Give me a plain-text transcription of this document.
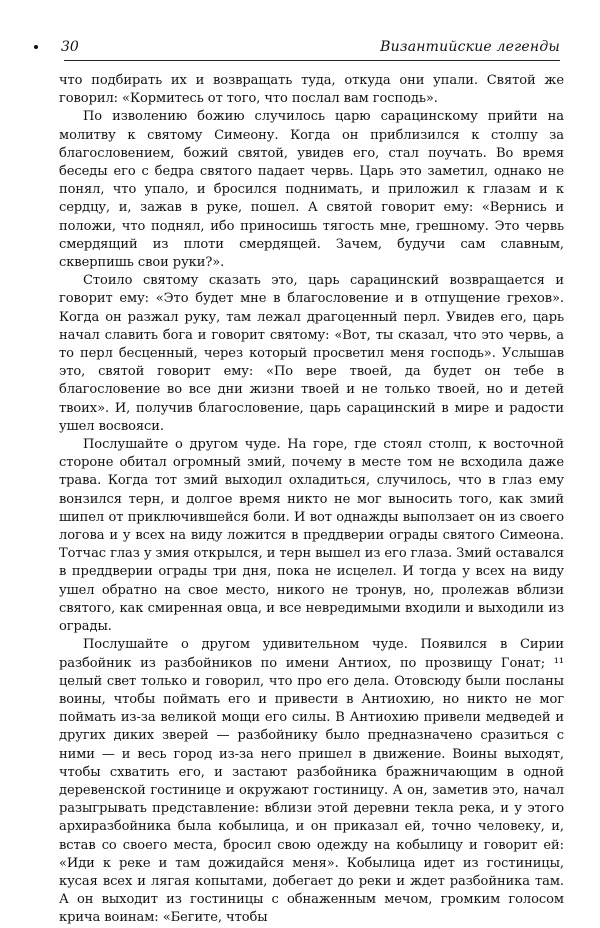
30	Византийские легенды

что подбирать их и возвращать туда, откуда они упали. Святой же говорил: «Кормитесь от того, что послал вам господь».

По изволению божию случилось царю сарацинскому прийти на молитву к святому Симеону. Когда он приблизился к столпу за благословением, божий святой, увидев его, стал поучать. Во время беседы его с бедра святого падает червь. Царь это заметил, однако не понял, что упало, и бросился поднимать, и приложил к глазам и к сердцу, и, зажав в руке, пошел. А святой говорит ему: «Вернись и положи, что поднял, ибо приносишь тягость мне, грешному. Это червь смердящий из плоти смердящей. Зачем, будучи сам славным, скверпишь свои руки?».

Стоило святому сказать это, царь сарацинский возвращается и говорит ему: «Это будет мне в благословение и в отпущение грехов». Когда он разжал руку, там лежал драгоценный перл. Увидев его, царь начал славить бога и говорит святому: «Вот, ты сказал, что это червь, а то перл бесценный, через который просветил меня господь». Услышав это, святой говорит ему: «По вере твоей, да будет он тебе в благословение во все дни жизни твоей и не только твоей, но и детей твоих». И, получив благословение, царь сарацинский в мире и радости ушел восвояси.

Послушайте о другом чуде. На горе, где стоял столп, к восточной стороне обитал огромный змий, почему в месте том не всходила даже трава. Когда тот змий выходил охладиться, случилось, что в глаз ему вонзился терн, и долгое время никто не мог выносить того, как змий шипел от приключившейся боли. И вот однажды выползает он из своего логова и у всех на виду ложится в преддверии ограды святого Симеона. Тотчас глаз у змия открылся, и терн вышел из его глаза. Змий оставался в преддверии ограды три дня, пока не исцелел. И тогда у всех на виду ушел обратно на свое место, никого не тронув, но, пролежав вблизи святого, как смиренная овца, и все невредимыми входили и выходили из ограды.

Послушайте о другом удивительном чуде. Появился в Сирии разбойник из разбойников по имени Антиох, по прозвищу Гонат; ¹¹ целый свет только и говорил, что про его дела. Отовсюду были посланы воины, чтобы поймать его и привести в Антиохию, но никто не мог поймать из-за великой мощи его силы. В Антиохию привели медведей и других диких зверей — разбойнику было предназначено сразиться с ними — и весь город из-за него пришел в движение. Воины выходят, чтобы схватить его, и застают разбойника бражничающим в одной деревенской гостинице и окружают гостиницу. А он, заметив это, начал разыгрывать представление: вблизи этой деревни текла река, и у этого архиразбойника была кобылица, и он приказал ей, точно человеку, и, встав со своего места, бросил свою одежду на кобылицу и говорит ей: «Иди к реке и там дожидайся меня». Кобылица идет из гостиницы, кусая всех и лягая копытами, добегает до реки и ждет разбойника там. А он выходит из гостиницы с обнаженным мечом, громким голосом крича воинам: «Бегите, чтобы
